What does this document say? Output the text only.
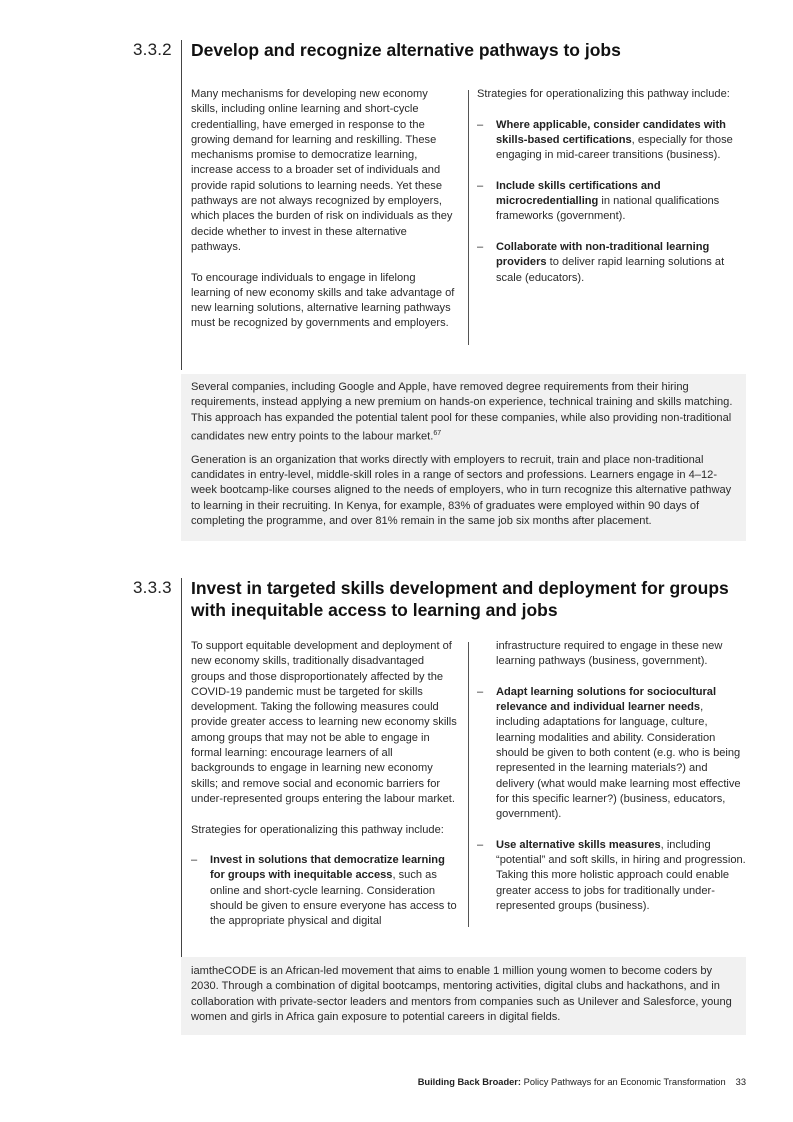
3.3.2 Develop and recognize alternative pathways to jobs

Many mechanisms for developing new economy skills, including online learning and short-cycle credentialling, have emerged in response to the growing demand for learning and reskilling. These mechanisms promise to democratize learning, increase access to a broader set of individuals and provide rapid solutions to learning needs. Yet these pathways are not always recognized by employers, which places the burden of risk on individuals as they decide whether to invest in these alternative pathways.

To encourage individuals to engage in lifelong learning of new economy skills and take advantage of new learning solutions, alternative learning pathways must be recognized by governments and employers.

Strategies for operationalizing this pathway include:

– Where applicable, consider candidates with skills-based certifications, especially for those engaging in mid-career transitions (business).
– Include skills certifications and microcredentialling in national qualifications frameworks (government).
– Collaborate with non-traditional learning providers to deliver rapid learning solutions at scale (educators).

Several companies, including Google and Apple, have removed degree requirements from their hiring requirements, instead applying a new premium on hands-on experience, technical training and skills matching. This approach has expanded the potential talent pool for these companies, while also providing non-traditional candidates new entry points to the labour market.$^{67}$

Generation is an organization that works directly with employers to recruit, train and place non-traditional candidates in entry-level, middle-skill roles in a range of sectors and professions. Learners engage in 4–12-week bootcamp-like courses aligned to the needs of employers, who in turn recognize this alternative pathway to learning in their recruiting. In Kenya, for example, 83% of graduates were employed within 90 days of completing the programme, and over 81% remain in the same job six months after placement.

3.3.3 Invest in targeted skills development and deployment for groups with inequitable access to learning and jobs

To support equitable development and deployment of new economy skills, traditionally disadvantaged groups and those disproportionately affected by the COVID-19 pandemic must be targeted for skills development. Taking the following measures could provide greater access to learning new economy skills among groups that may not be able to engage in formal learning: encourage learners of all backgrounds to engage in learning new economy skills; and remove social and economic barriers for under-represented groups entering the labour market.

Strategies for operationalizing this pathway include:

– Invest in solutions that democratize learning for groups with inequitable access, such as online and short-cycle learning. Consideration should be given to ensure everyone has access to the appropriate physical and digital

infrastructure required to engage in these new learning pathways (business, government).

– Adapt learning solutions for sociocultural relevance and individual learner needs, including adaptations for language, culture, learning modalities and ability. Consideration should be given to both content (e.g. who is being represented in the learning materials?) and delivery (what would make learning most effective for this specific learner?) (business, educators, government).
– Use alternative skills measures, including “potential” and soft skills, in hiring and progression. Taking this more holistic approach could enable greater access to jobs for traditionally under-represented groups (business).

iamtheCODE is an African-led movement that aims to enable 1 million young women to become coders by 2030. Through a combination of digital bootcamps, mentoring activities, digital clubs and hackathons, and in collaboration with private-sector leaders and mentors from companies such as Unilever and Salesforce, young women and girls in Africa gain exposure to potential careers in digital fields.

Building Back Broader: Policy Pathways for an Economic Transformation 33
